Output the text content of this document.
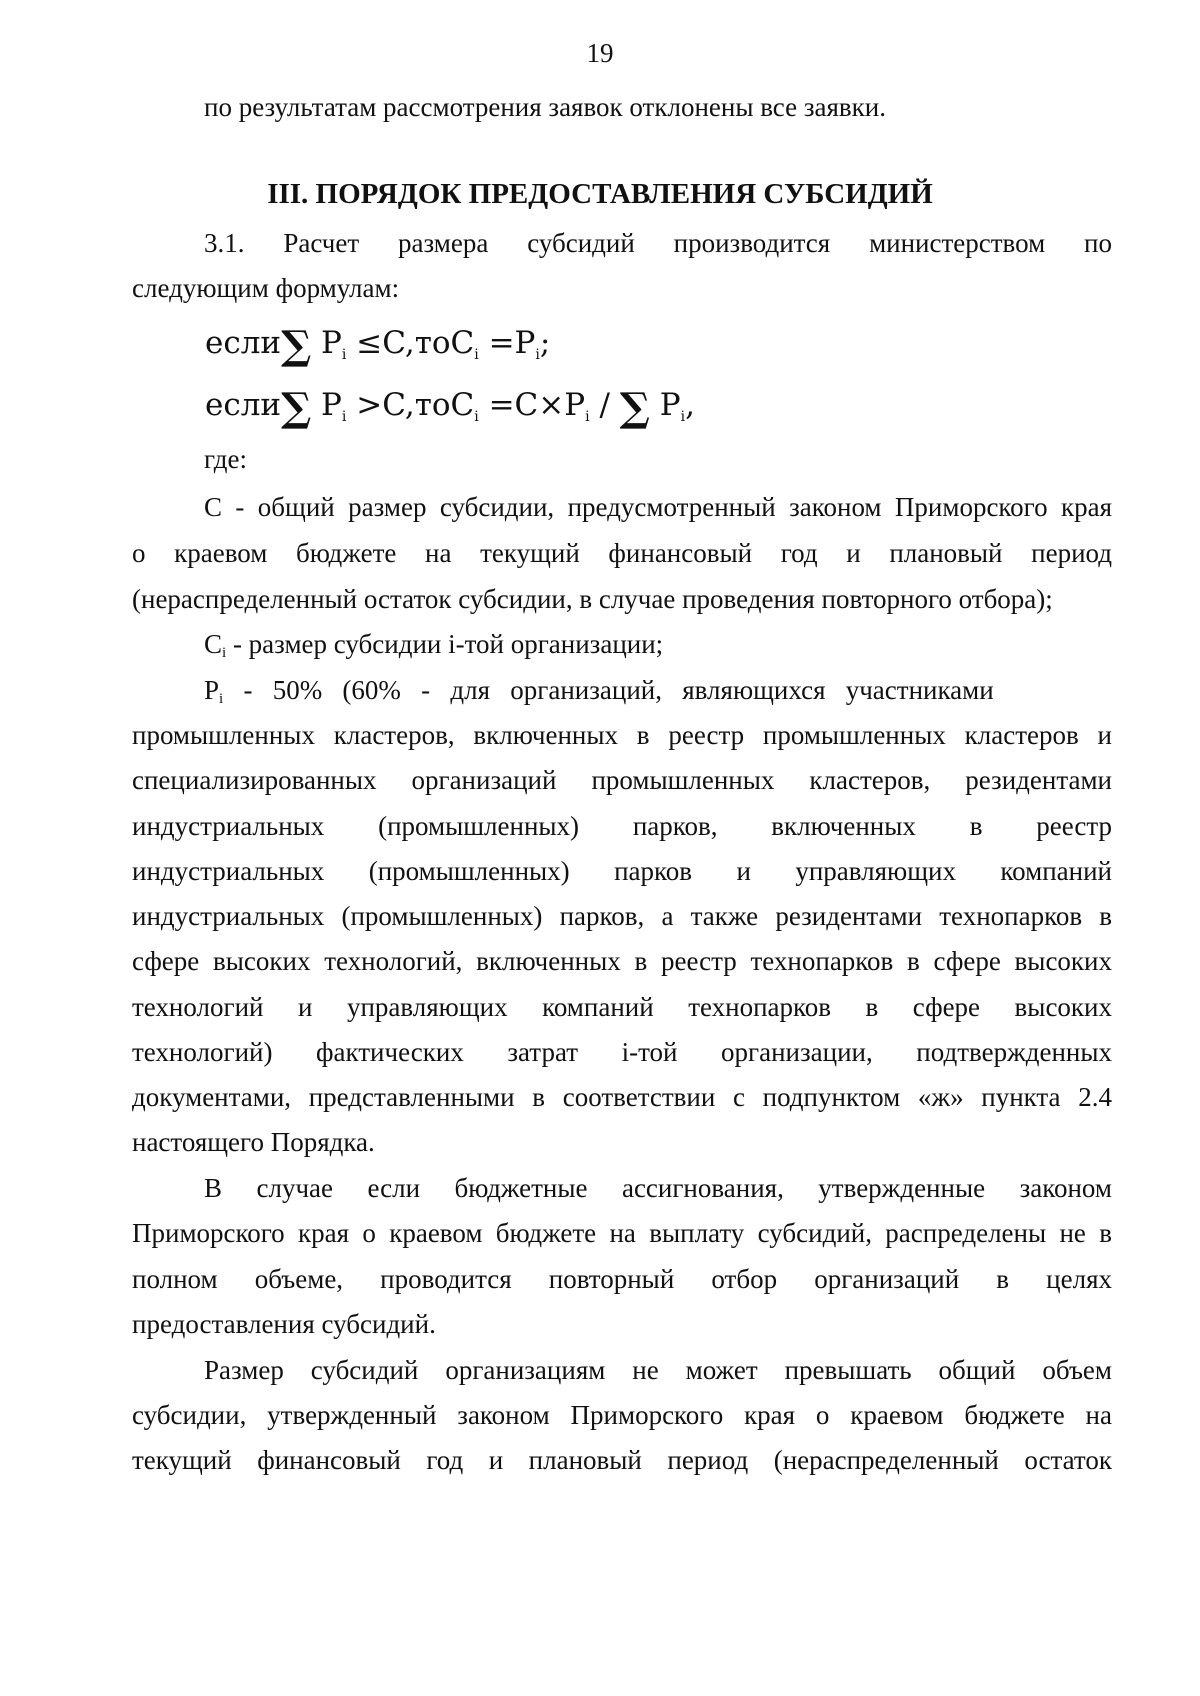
19
по результатам рассмотрения заявок отклонены все заявки.
III. ПОРЯДОК ПРЕДОСТАВЛЕНИЯ СУБСИДИЙ
3.1. Расчет размера субсидий производится министерством по
следующим формулам:
если∑ $P_i \le C,тоC_i =P_i$;
если∑ $P_i >C,тоC_i =C\times P_i$ / ∑ $P_i$,
где:
С - общий размер субсидии, предусмотренный законом Приморского края
о краевом бюджете на текущий финансовый год и плановый период
(нераспределенный остаток субсидии, в случае проведения повторного отбора);
$С_i$ - размер субсидии i-той организации;
$P_i - 50\%$   (60%   -   для   организаций,   являющихся   участниками
промышленных кластеров, включенных в реестр промышленных кластеров и
специализированных организаций промышленных кластеров, резидентами
индустриальных (промышленных) парков, включенных в реестр
индустриальных (промышленных) парков и управляющих компаний
индустриальных (промышленных) парков, а также резидентами технопарков в
сфере высоких технологий, включенных в реестр технопарков в сфере высоких
технологий и управляющих компаний технопарков в сфере высоких
технологий) фактических затрат i-той организации, подтвержденных
документами, представленными в соответствии с подпунктом «ж» пункта 2.4
настоящего Порядка.
В случае если бюджетные ассигнования, утвержденные законом
Приморского края о краевом бюджете на выплату субсидий, распределены не в
полном объеме, проводится повторный отбор организаций в целях
предоставления субсидий.
Размер субсидий организациям не может превышать общий объем
субсидии, утвержденный законом Приморского края о краевом бюджете на
текущий финансовый год и плановый период (нераспределенный остаток
